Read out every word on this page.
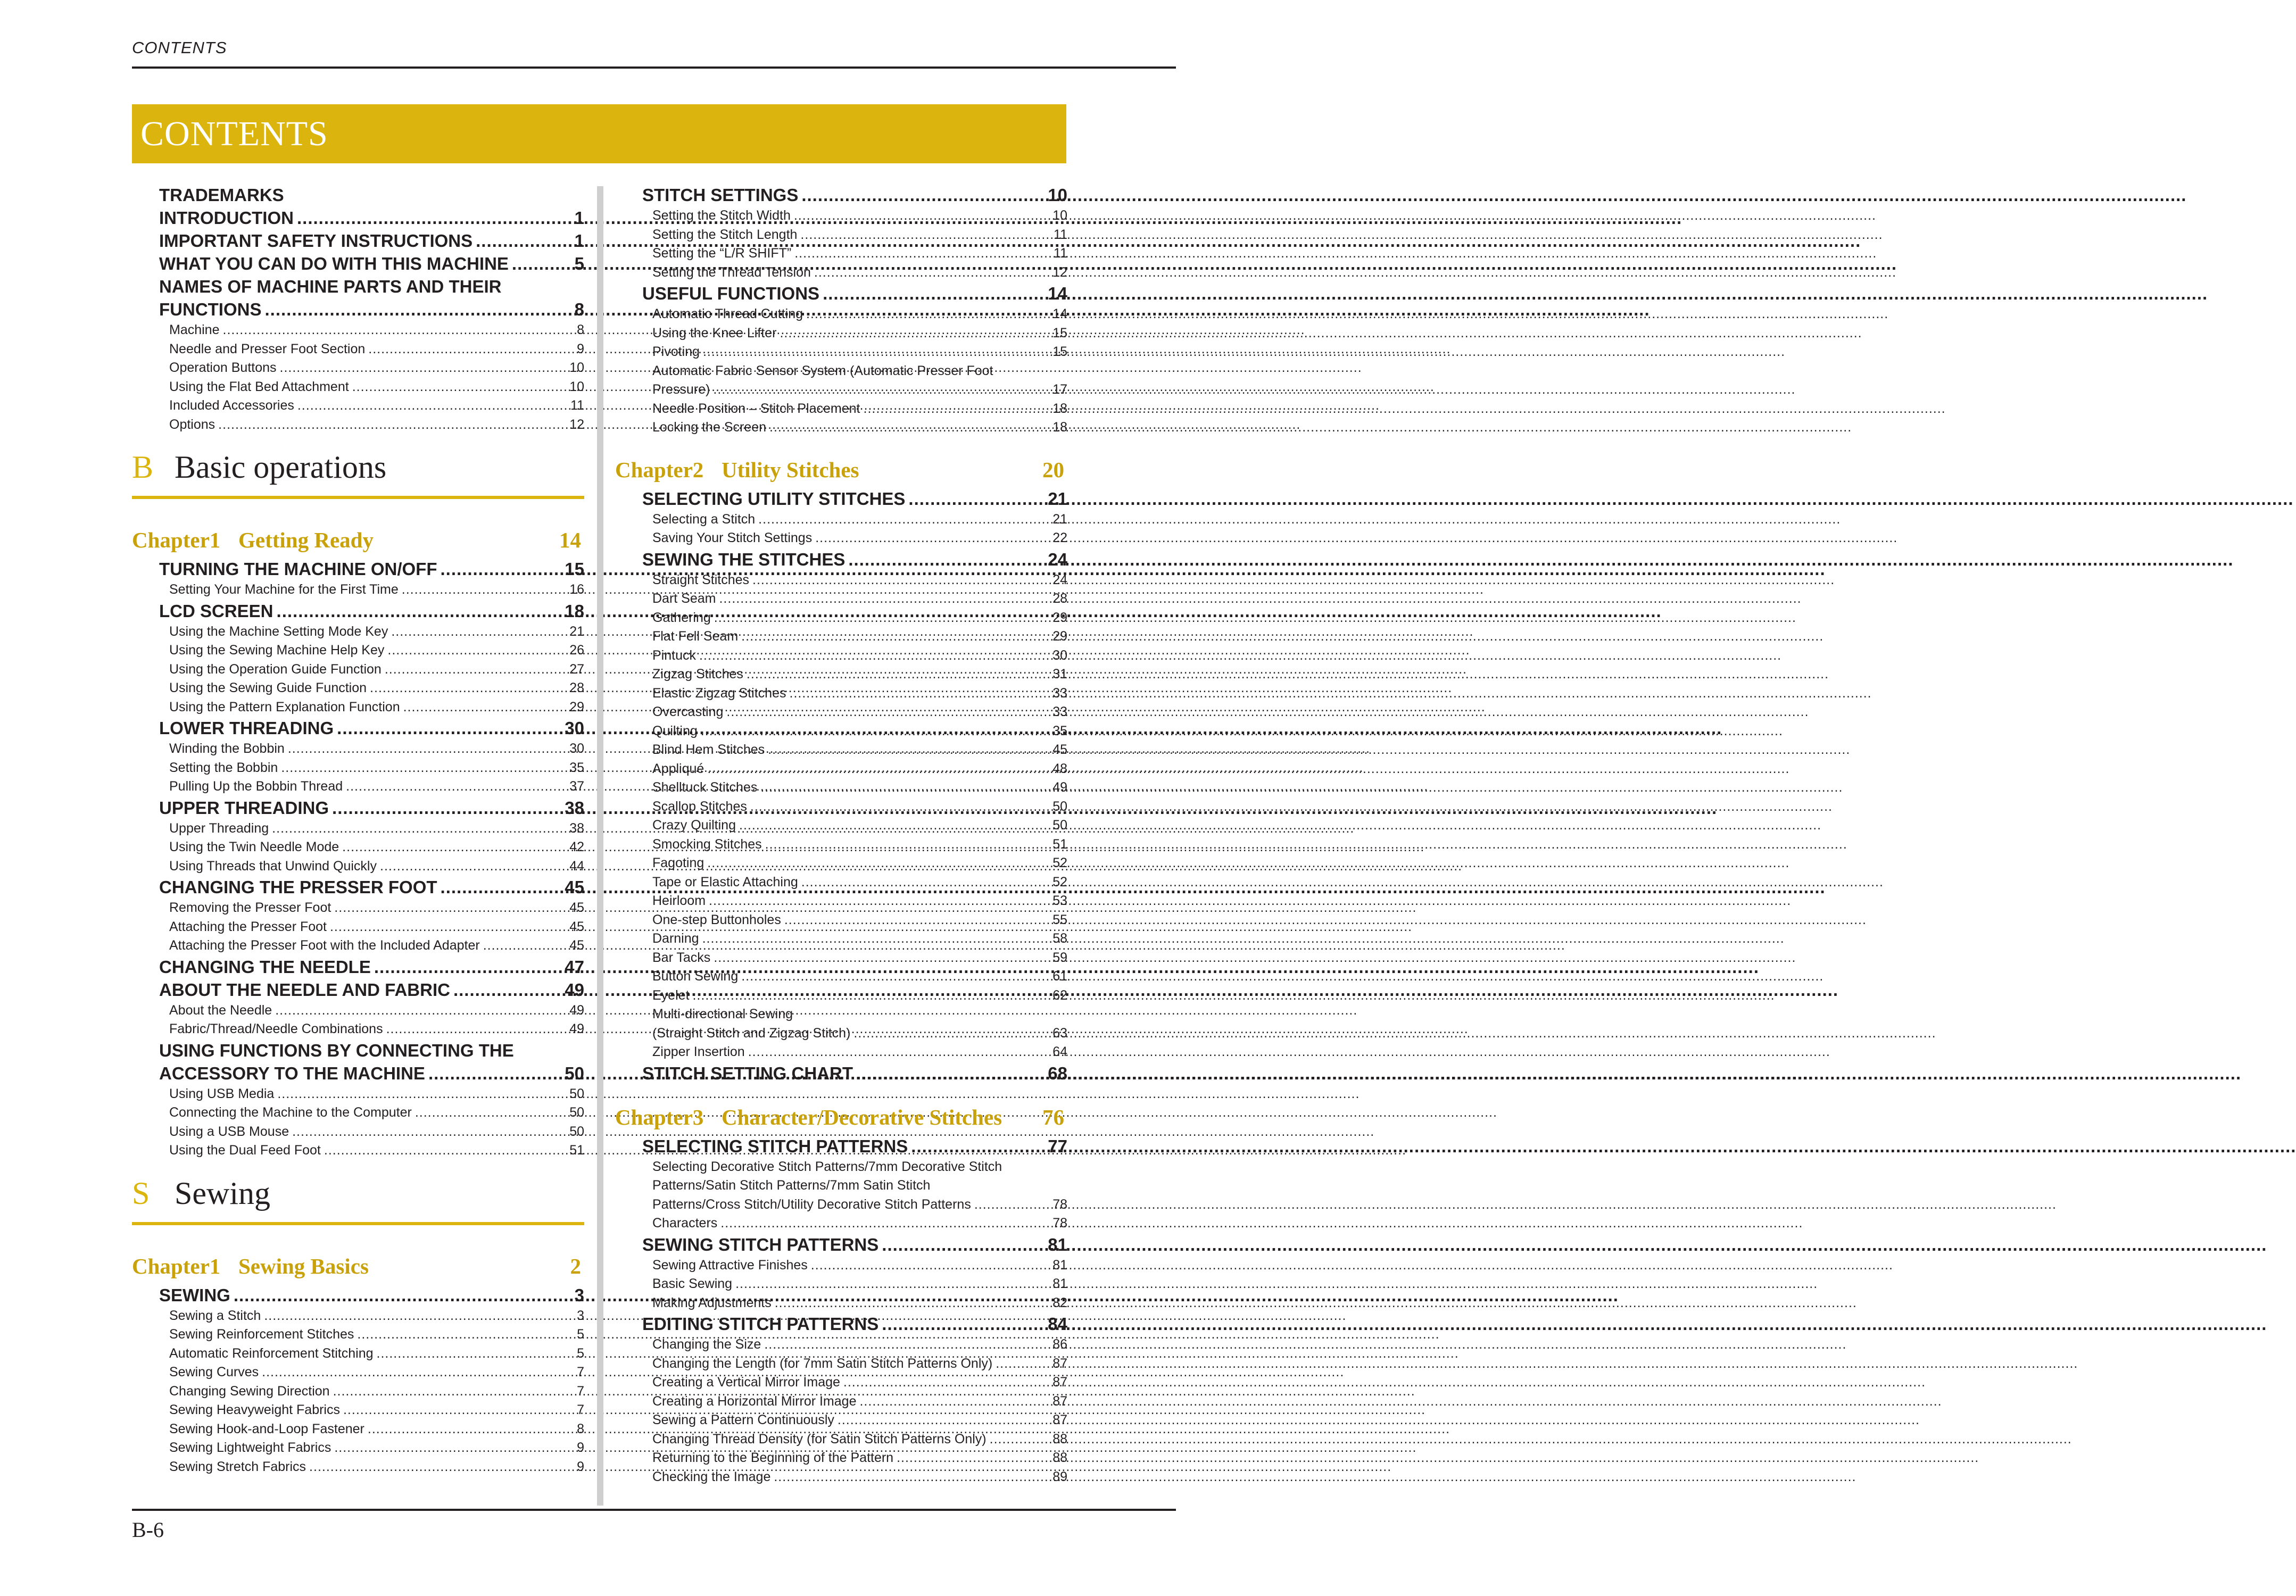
CONTENTS
CONTENTS
TRADEMARKS
INTRODUCTION .....	1
IMPORTANT SAFETY INSTRUCTIONS .....	1
WHAT YOU CAN DO WITH THIS MACHINE .....	5
NAMES OF MACHINE PARTS AND THEIR
FUNCTIONS .....	8
Machine .....	8
Needle and Presser Foot Section .....	9
Operation Buttons .....	10
Using the Flat Bed Attachment .....	10
Included Accessories .....	11
Options .....	12
B Basic operations
Chapter1 Getting Ready	14
TURNING THE MACHINE ON/OFF .....	15
Setting Your Machine for the First Time .....	16
LCD SCREEN .....	18
Using the Machine Setting Mode Key .....	21
Using the Sewing Machine Help Key .....	26
Using the Operation Guide Function .....	27
Using the Sewing Guide Function .....	28
Using the Pattern Explanation Function .....	29
LOWER THREADING .....	30
Winding the Bobbin .....	30
Setting the Bobbin .....	35
Pulling Up the Bobbin Thread .....	37
UPPER THREADING .....	38
Upper Threading .....	38
Using the Twin Needle Mode .....	42
Using Threads that Unwind Quickly .....	44
CHANGING THE PRESSER FOOT .....	45
Removing the Presser Foot .....	45
Attaching the Presser Foot .....	45
Attaching the Presser Foot with the Included Adapter .....	45
CHANGING THE NEEDLE .....	47
ABOUT THE NEEDLE AND FABRIC .....	49
About the Needle .....	49
Fabric/Thread/Needle Combinations .....	49
USING FUNCTIONS BY CONNECTING THE
ACCESSORY TO THE MACHINE .....	50
Using USB Media .....	50
Connecting the Machine to the Computer .....	50
Using a USB Mouse .....	50
Using the Dual Feed Foot .....	51
S Sewing
Chapter1 Sewing Basics	2
SEWING .....	3
Sewing a Stitch .....	3
Sewing Reinforcement Stitches .....	5
Automatic Reinforcement Stitching .....	5
Sewing Curves .....	7
Changing Sewing Direction .....	7
Sewing Heavyweight Fabrics .....	7
Sewing Hook-and-Loop Fastener .....	8
Sewing Lightweight Fabrics .....	9
Sewing Stretch Fabrics .....	9
STITCH SETTINGS .....	10
Setting the Stitch Width .....	10
Setting the Stitch Length .....	11
Setting the “L/R SHIFT” .....	11
Setting the Thread Tension .....	12
USEFUL FUNCTIONS .....	14
Automatic Thread Cutting .....	14
Using the Knee Lifter .....	15
Pivoting .....	15
Automatic Fabric Sensor System (Automatic Presser Foot
Pressure) .....	17
Needle Position – Stitch Placement .....	18
Locking the Screen .....	18
Chapter2 Utility Stitches	20
SELECTING UTILITY STITCHES .....	21
Selecting a Stitch .....	21
Saving Your Stitch Settings .....	22
SEWING THE STITCHES .....	24
Straight Stitches .....	24
Dart Seam .....	28
Gathering .....	29
Flat Fell Seam .....	29
Pintuck .....	30
Zigzag Stitches .....	31
Elastic Zigzag Stitches .....	33
Overcasting .....	33
Quilting .....	35
Blind Hem Stitches .....	45
Appliqué .....	48
Shelltuck Stitches .....	49
Scallop Stitches .....	50
Crazy Quilting .....	50
Smocking Stitches .....	51
Fagoting .....	52
Tape or Elastic Attaching .....	52
Heirloom .....	53
One-step Buttonholes .....	55
Darning .....	58
Bar Tacks .....	59
Button Sewing .....	61
Eyelet .....	62
Multi-directional Sewing
(Straight Stitch and Zigzag Stitch) .....	63
Zipper Insertion .....	64
STITCH SETTING CHART .....	68
Chapter3 Character/Decorative Stitches	76
SELECTING STITCH PATTERNS .....	77
Selecting Decorative Stitch Patterns/7mm Decorative Stitch
Patterns/Satin Stitch Patterns/7mm Satin Stitch
Patterns/Cross Stitch/Utility Decorative Stitch Patterns .....	78
Characters .....	78
SEWING STITCH PATTERNS .....	81
Sewing Attractive Finishes .....	81
Basic Sewing .....	81
Making Adjustments .....	82
EDITING STITCH PATTERNS .....	84
Changing the Size .....	86
Changing the Length (for 7mm Satin Stitch Patterns Only) .....	87
Creating a Vertical Mirror Image .....	87
Creating a Horizontal Mirror Image .....	87
Sewing a Pattern Continuously .....	87
Changing Thread Density (for Satin Stitch Patterns Only) .....	88
Returning to the Beginning of the Pattern .....	88
Checking the Image .....	89
B-6
